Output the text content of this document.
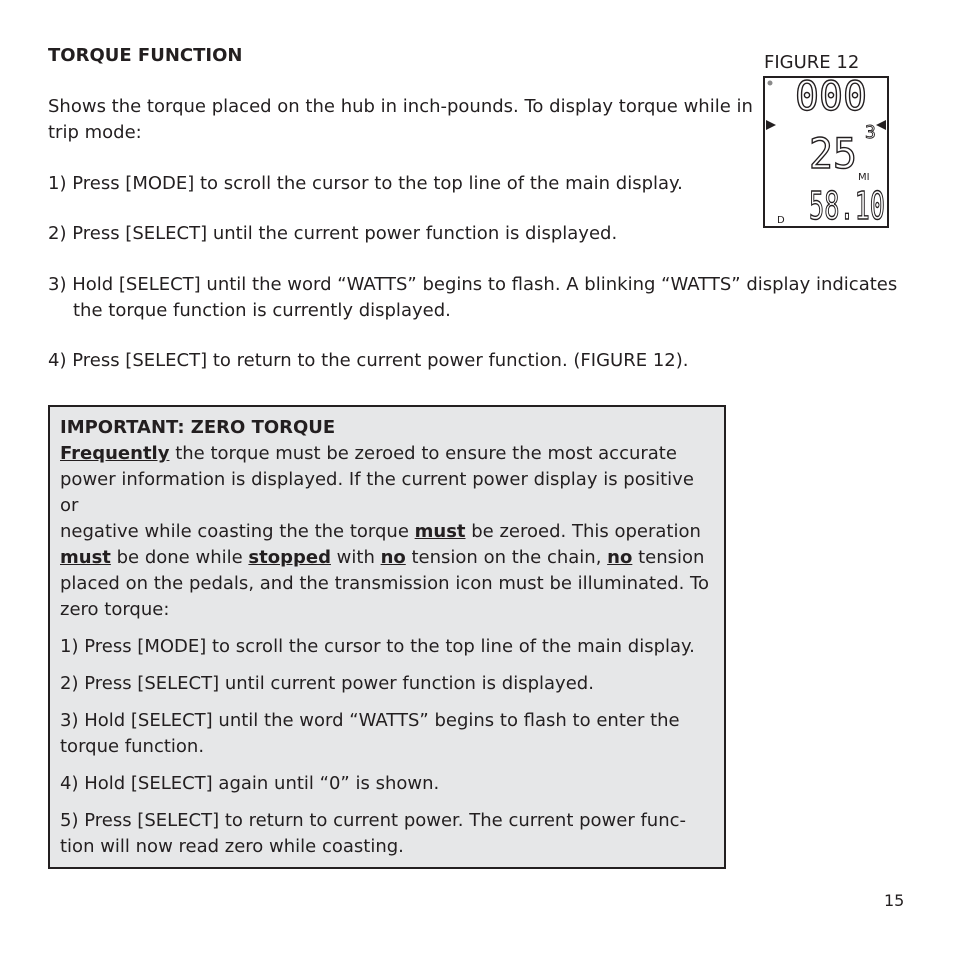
TORQUE FUNCTION
Shows the torque placed on the hub in inch-pounds. To display torque while in trip mode:
1) Press [MODE] to scroll the cursor to the top line of the main display.
2) Press [SELECT] until the current power function is displayed.
3) Hold [SELECT] until the word “WATTS” begins to flash. A blinking “WATTS” display indicates
the torque function is currently displayed.
4) Press [SELECT] to return to the current power function. (FIGURE 12).
FIGURE 12
000
25 3
MI
58.10
D

IMPORTANT: ZERO TORQUE

Frequently the torque must be zeroed to ensure the most accurate power information is displayed. If the current power display is positive or
negative while coasting the the torque must be zeroed. This operation must be done while stopped with no tension on the chain, no tension placed on the pedals, and the transmission icon must be illuminated. To zero torque:

1) Press [MODE] to scroll the cursor to the top line of the main display.

2) Press [SELECT] until current power function is displayed.

3) Hold [SELECT] until the word “WATTS” begins to flash to enter the torque function.

4) Hold [SELECT] again until “0” is shown.

5) Press [SELECT] to return to current power. The current power func-tion will now read zero while coasting.

15
